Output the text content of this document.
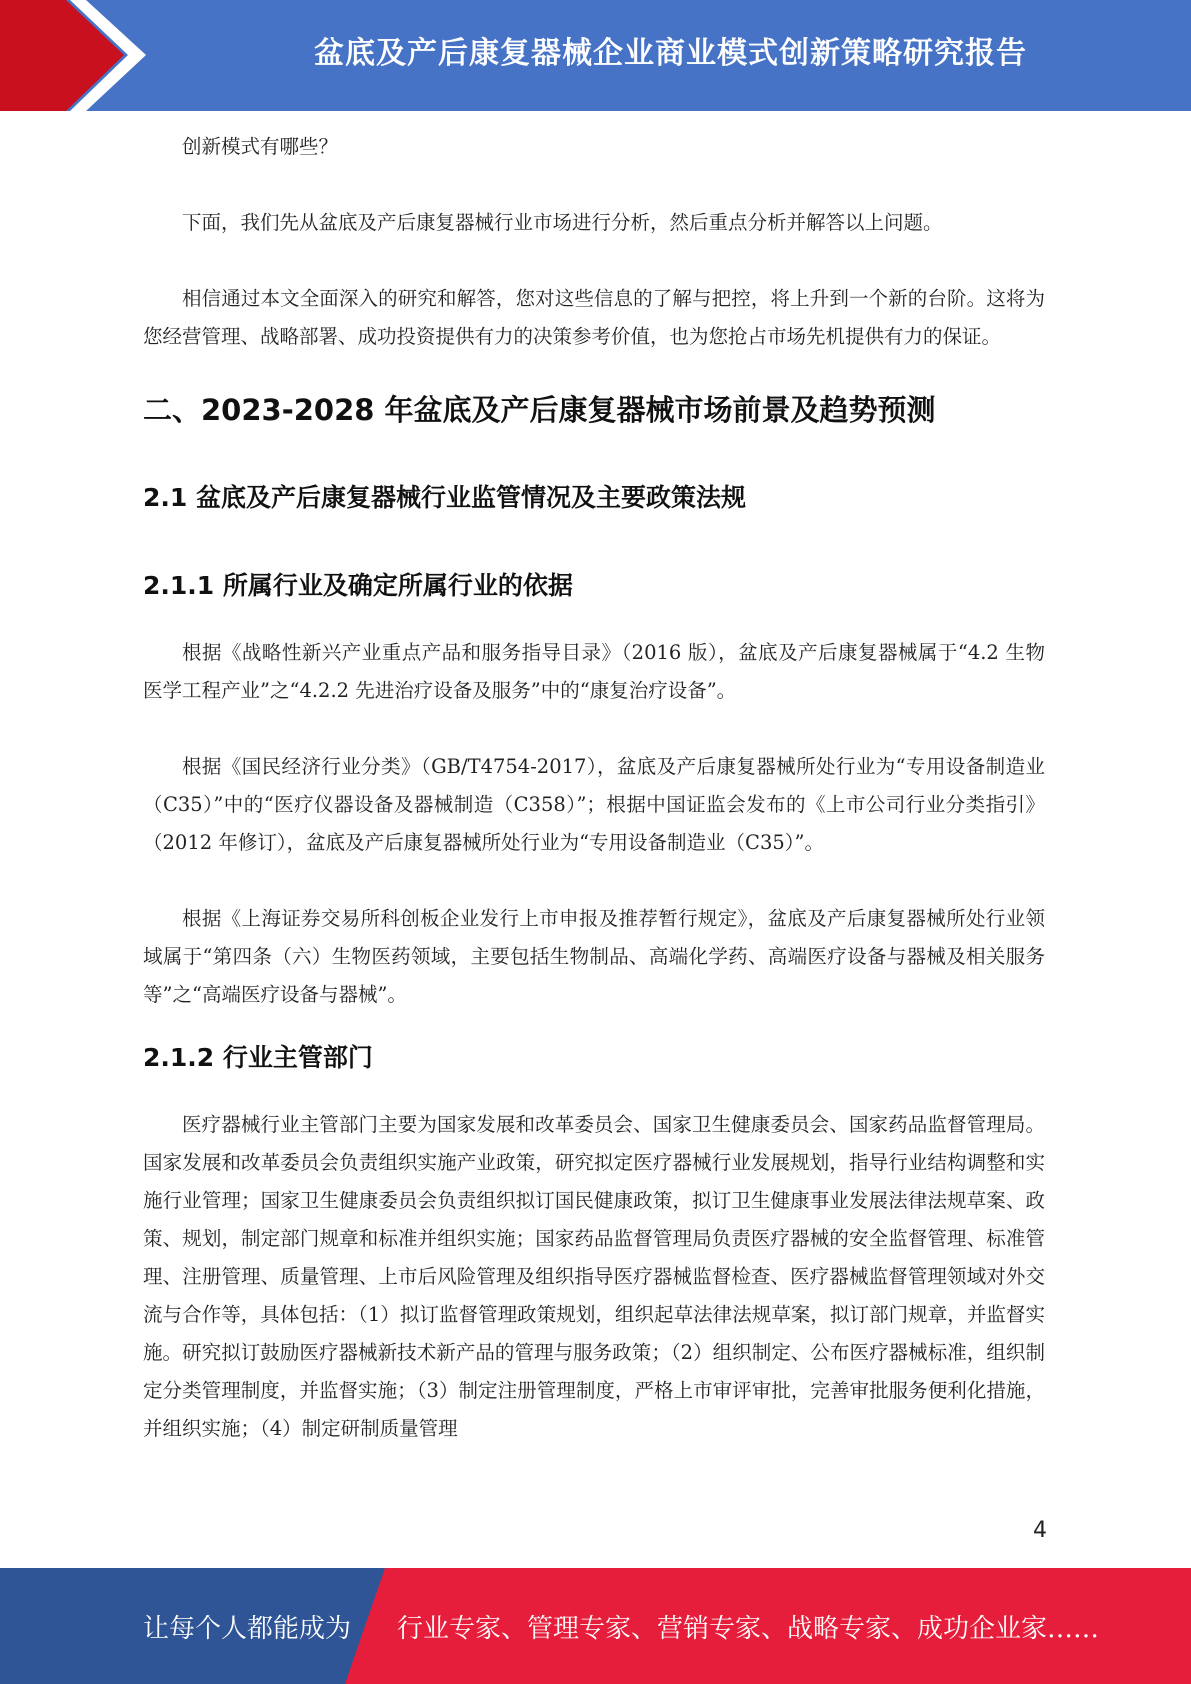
盆底及产后康复器械企业商业模式创新策略研究报告

创新模式有哪些？

下面，我们先从盆底及产后康复器械行业市场进行分析，然后重点分析并解答以上问题。

相信通过本文全面深入的研究和解答，您对这些信息的了解与把控，将上升到一个新的台阶。这将为您经营管理、战略部署、成功投资提供有力的决策参考价值，也为您抢占市场先机提供有力的保证。

二、2023-2028 年盆底及产后康复器械市场前景及趋势预测
2.1 盆底及产后康复器械行业监管情况及主要政策法规
2.1.1 所属行业及确定所属行业的依据

根据《战略性新兴产业重点产品和服务指导目录》（2016 版），盆底及产后康复器械属于“4.2 生物医学工程产业”之“4.2.2 先进治疗设备及服务”中的“康复治疗设备”。

根据《国民经济行业分类》（GB/T4754-2017），盆底及产后康复器械所处行业为“专用设备制造业（C35）”中的“医疗仪器设备及器械制造（C358）”；根据中国证监会发布的《上市公司行业分类指引》（2012 年修订），盆底及产后康复器械所处行业为“专用设备制造业（C35）”。

根据《上海证券交易所科创板企业发行上市申报及推荐暂行规定》，盆底及产后康复器械所处行业领域属于“第四条（六）生物医药领域，主要包括生物制品、高端化学药、高端医疗设备与器械及相关服务等”之“高端医疗设备与器械”。

2.1.2 行业主管部门

医疗器械行业主管部门主要为国家发展和改革委员会、国家卫生健康委员会、国家药品监督管理局。国家发展和改革委员会负责组织实施产业政策，研究拟定医疗器械行业发展规划，指导行业结构调整和实施行业管理；国家卫生健康委员会负责组织拟订国民健康政策，拟订卫生健康事业发展法律法规草案、政策、规划，制定部门规章和标准并组织实施；国家药品监督管理局负责医疗器械的安全监督管理、标准管理、注册管理、质量管理、上市后风险管理及组织指导医疗器械监督检查、医疗器械监督管理领域对外交流与合作等，具体包括：（1）拟订监督管理政策规划，组织起草法律法规草案，拟订部门规章，并监督实施。研究拟订鼓励医疗器械新技术新产品的管理与服务政策；（2）组织制定、公布医疗器械标准，组织制定分类管理制度，并监督实施；（3）制定注册管理制度，严格上市审评审批，完善审批服务便利化措施，并组织实施；（4）制定研制质量管理

4
让每个人都能成为 行业专家、管理专家、营销专家、战略专家、成功企业家……
